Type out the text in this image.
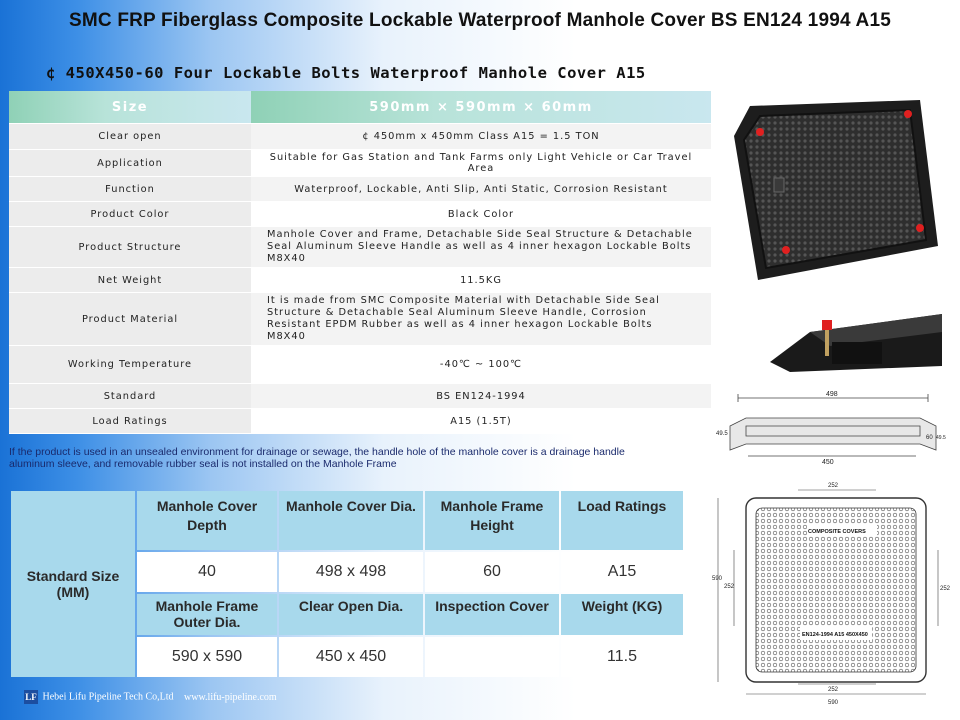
SMC FRP Fiberglass Composite Lockable Waterproof Manhole Cover BS EN124 1994 A15
¢ 450X450-60 Four Lockable Bolts Waterproof Manhole Cover A15
Size	590mm × 590mm × 60mm
Clear open	¢ 450mm x 450mm Class A15 = 1.5 TON
Application	Suitable for Gas Station and Tank Farms only Light Vehicle or Car Travel Area
Function	Waterproof, Lockable, Anti Slip, Anti Static, Corrosion Resistant
Product Color	Black Color
Product Structure	Manhole Cover and Frame, Detachable Side Seal Structure & Detachable Seal Aluminum Sleeve Handle as well as 4 inner hexagon Lockable Bolts M8X40
Net Weight	11.5KG
Product Material	It is made from SMC Composite Material with Detachable Side Seal Structure & Detachable Seal Aluminum Sleeve Handle, Corrosion Resistant EPDM Rubber as well as 4 inner hexagon Lockable Bolts M8X40
Working Temperature	-40℃ ~ 100℃
Standard	BS EN124-1994
Load Ratings	A15 (1.5T)
If the product is used in an unsealed environment for drainage or sewage, the handle hole of the manhole cover is a drainage handle aluminum sleeve, and removable rubber seal is not installed on the Manhole Frame
Standard Size (MM)	Manhole Cover Depth	Manhole Cover Dia.	Manhole Frame Height	Load Ratings
	40	498 x 498	60	A15
	Manhole Frame Outer Dia.	Clear Open Dia.	Inspection Cover	Weight (KG)
	590 x 590	450 x 450		11.5
498
450
49.5
60 49.5
COMPOSITE COVERS
EN124-1994 A15 450X450
252
252
590
590
252	252
LF Hebei Lifu Pipeline Tech Co,Ltd www.lifu-pipeline.com
